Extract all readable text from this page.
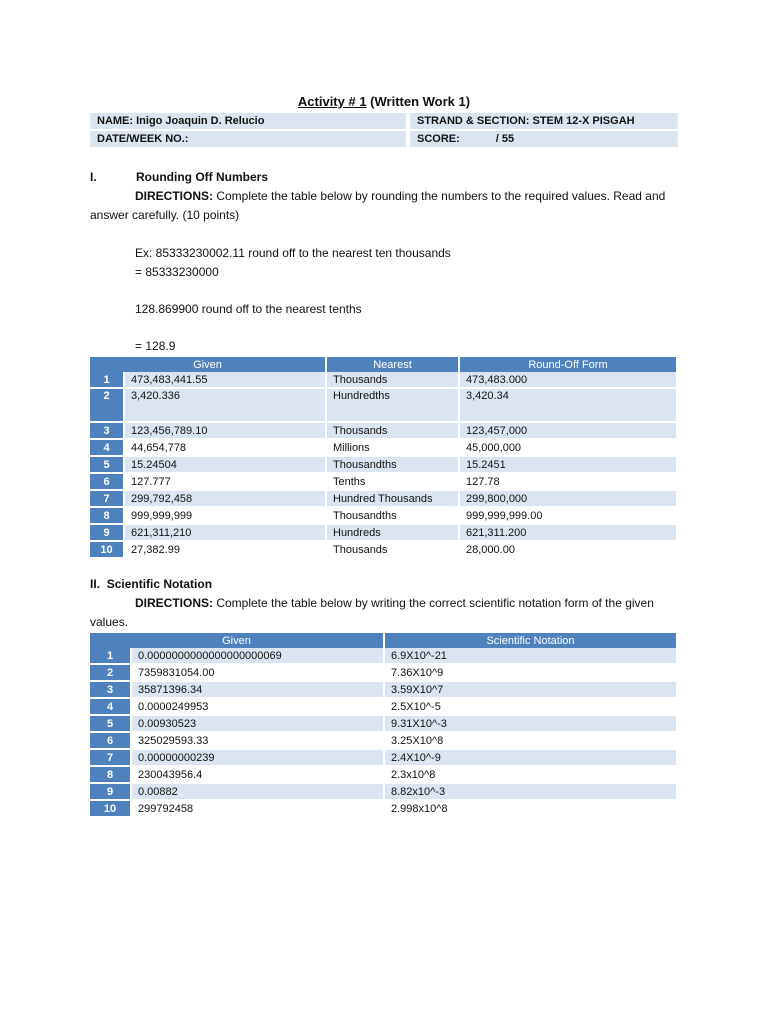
Activity # 1 (Written Work 1)
NAME: Inigo Joaquin D. Relucio		STRAND & SECTION: STEM 12-X PISGAH
DATE/WEEK NO.:		SCORE: / 55
I.	Rounding Off Numbers
DIRECTIONS: Complete the table below by rounding the numbers to the required values. Read and answer carefully. (10 points)
Ex: 85333230002.11 round off to the nearest ten thousands
= 85333230000
128.869900 round off to the nearest tenths
= 128.9
Given		Nearest	Round-Off Form
1	473,483,441.55	Thousands	473,483.000
2	3,420.336	Hundredths	3,420.34
3	123,456,789.10	Thousands	123,457,000
4	44,654,778	Millions	45,000,000
5	15.24504	Thousandths	15.2451
6	127.777	Tenths	127.78
7	299,792,458	Hundred Thousands	299,800,000
8	999,999,999	Thousandths	999,999,999.00
9	621,311,210	Hundreds	621,311.200
10	27,382.99	Thousands	28,000.00
II. Scientific Notation
DIRECTIONS: Complete the table below by writing the correct scientific notation form of the given values.
Given		Scientific Notation
1	0.0000000000000000000069	6.9X10^-21
2	7359831054.00	7.36X10^9
3	35871396.34	3.59X10^7
4	0.0000249953	2.5X10^-5
5	0.00930523	9.31X10^-3
6	325029593.33	3.25X10^8
7	0.00000000239	2.4X10^-9
8	230043956.4	2.3x10^8
9	0.00882	8.82x10^-3
10	299792458	2.998x10^8
